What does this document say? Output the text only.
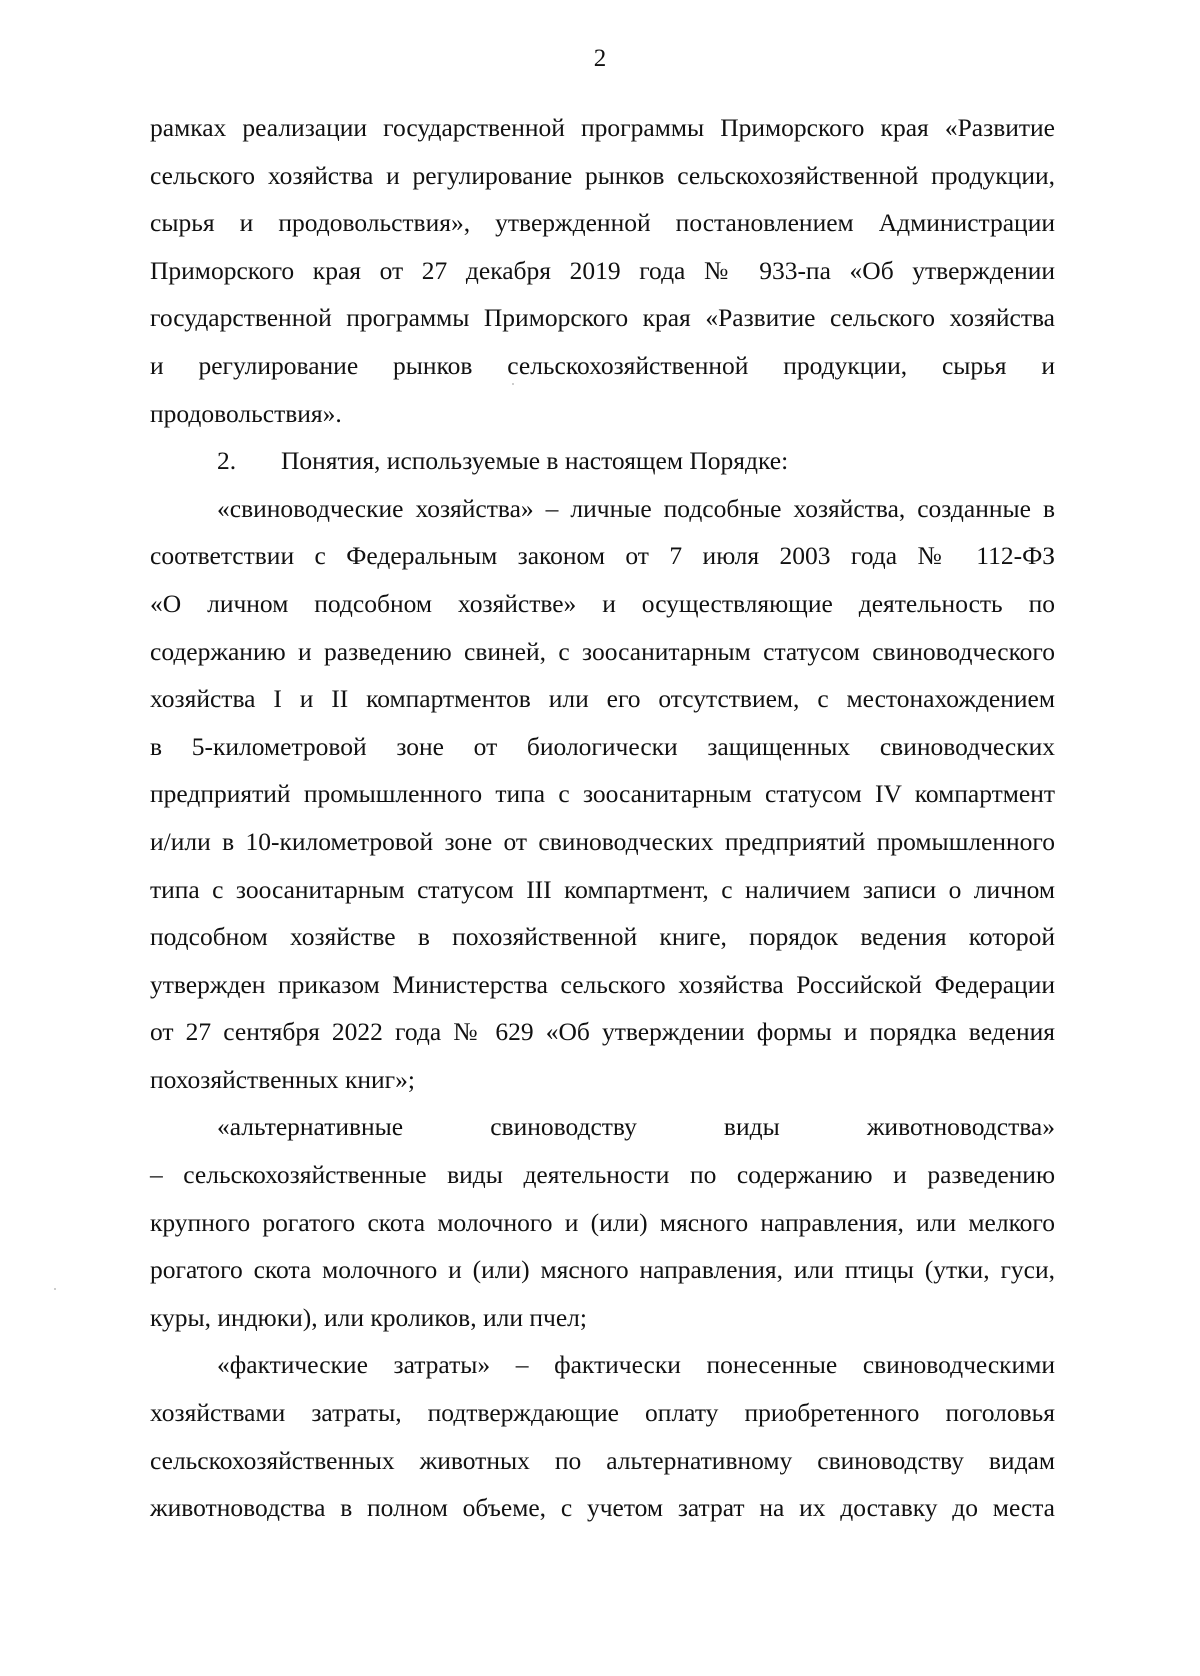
2
рамках реализации государственной программы Приморского края «Развитие
сельского хозяйства и регулирование рынков сельскохозяйственной продукции,
сырья и продовольствия», утвержденной постановлением Администрации
Приморского края от 27 декабря 2019 года № 933-па «Об утверждении
государственной программы Приморского края «Развитие сельского хозяйства
и регулирование рынков сельскохозяйственной продукции, сырья и
продовольствия».
2. Понятия, используемые в настоящем Порядке:
«свиноводческие хозяйства» – личные подсобные хозяйства, созданные в
соответствии с Федеральным законом от 7 июля 2003 года № 112-ФЗ
«О личном подсобном хозяйстве» и осуществляющие деятельность по
содержанию и разведению свиней, с зоосанитарным статусом свиноводческого
хозяйства I и II компартментов или его отсутствием, с местонахождением
в 5-километровой зоне от биологически защищенных свиноводческих
предприятий промышленного типа с зоосанитарным статусом IV компартмент
и/или в 10-километровой зоне от свиноводческих предприятий промышленного
типа с зоосанитарным статусом III компартмент, с наличием записи о личном
подсобном хозяйстве в похозяйственной книге, порядок ведения которой
утвержден приказом Министерства сельского хозяйства Российской Федерации
от 27 сентября 2022 года № 629 «Об утверждении формы и порядка ведения
похозяйственных книг»;
«альтернативные свиноводству виды животноводства»
– сельскохозяйственные виды деятельности по содержанию и разведению
крупного рогатого скота молочного и (или) мясного направления, или мелкого
рогатого скота молочного и (или) мясного направления, или птицы (утки, гуси,
куры, индюки), или кроликов, или пчел;
«фактические затраты» – фактически понесенные свиноводческими
хозяйствами затраты, подтверждающие оплату приобретенного поголовья
сельскохозяйственных животных по альтернативному свиноводству видам
животноводства в полном объеме, с учетом затрат на их доставку до места
